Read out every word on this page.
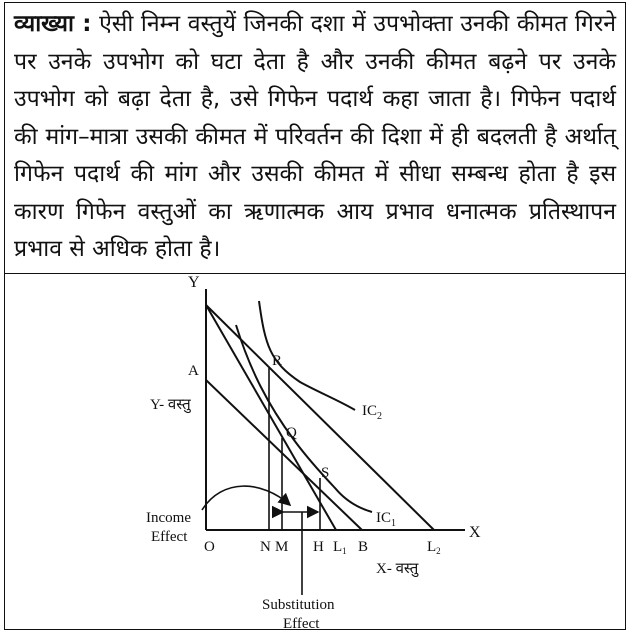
व्याख्या : ऐसी निम्न वस्तुयें जिनकी दशा में उपभोक्ता उनकी कीमत गिरने पर उनके उपभोग को घटा देता है और उनकी कीमत बढ़ने पर उनके उपभोग को बढ़ा देता है, उसे गिफेन पदार्थ कहा जाता है। गिफेन पदार्थ की मांग–मात्रा उसकी कीमत में परिवर्तन की दिशा में ही बदलती है अर्थात् गिफेन पदार्थ की मांग और उसकी कीमत में सीधा सम्बन्ध होता है इस कारण गिफेन वस्तुओं का ऋणात्मक आय प्रभाव धनात्मक प्रतिस्थापन प्रभाव से अधिक होता है।

Y
X
O
A
R
Q
S
$IC_2$
$IC_1$
N M H $L_1$ B	$L_2$
Y- वस्तु
X- वस्तु
Income
Effect
Substitution
Effect
